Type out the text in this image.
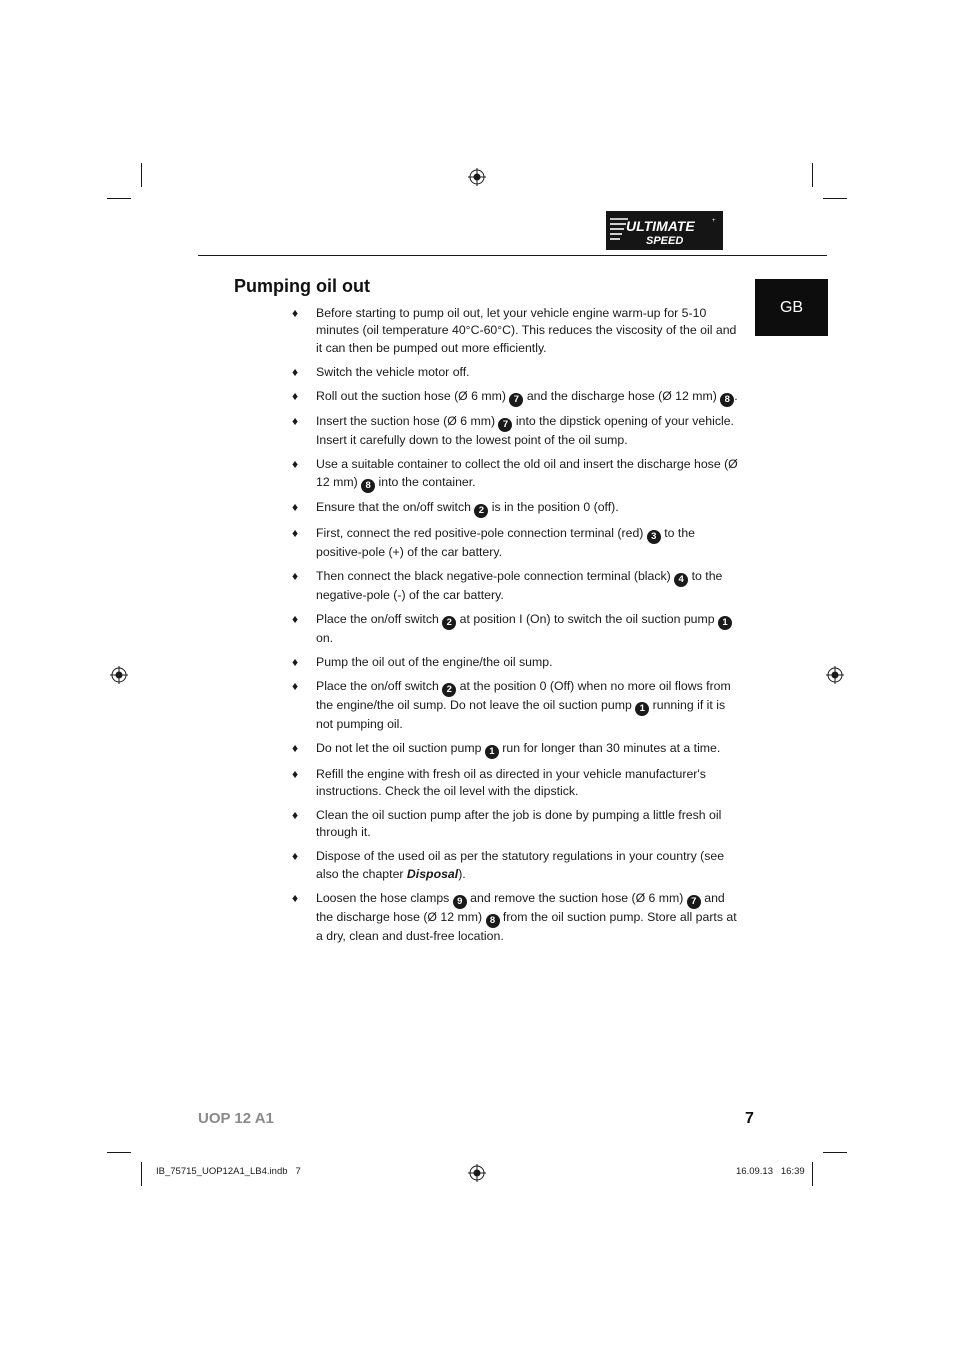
ULTIMATE
SPEED
+
GB
Pumping oil out
♦ Before starting to pump oil out, let your vehicle engine warm-up for 5-10 minutes (oil temperature 40°C-60°C). This reduces the viscosity of the oil and it can then be pumped out more efficiently.
♦ Switch the vehicle motor off.
♦ Roll out the suction hose (Ø 6 mm) 7 and the discharge hose (Ø 12 mm) 8 .
♦ Insert the suction hose (Ø 6 mm) 7 into the dipstick opening of your vehicle. Insert it carefully down to the lowest point of the oil sump.
♦ Use a suitable container to collect the old oil and insert the discharge hose (Ø 12 mm) 8 into the container.
♦ Ensure that the on/off switch 2 is in the position 0 (off).
♦ First, connect the red positive-pole connection terminal (red) 3 to the positive-pole (+) of the car battery.
♦ Then connect the black negative-pole connection terminal (black) 4 to the negative-pole (-) of the car battery.
♦ Place the on/off switch 2 at position I (On) to switch the oil suction pump 1 on.
♦ Pump the oil out of the engine/the oil sump.
♦ Place the on/off switch 2 at the position 0 (Off) when no more oil flows from the engine/the oil sump. Do not leave the oil suction pump 1 running if it is not pumping oil.
♦ Do not let the oil suction pump 1 run for longer than 30 minutes at a time.
♦ Refill the engine with fresh oil as directed in your vehicle manufacturer's instructions. Check the oil level with the dipstick.
♦ Clean the oil suction pump after the job is done by pumping a little fresh oil through it.
♦ Dispose of the used oil as per the statutory regulations in your country (see also the chapter Disposal).
♦ Loosen the hose clamps 9 and remove the suction hose (Ø 6 mm) 7 and the discharge hose (Ø 12 mm) 8 from the oil suction pump. Store all parts at a dry, clean and dust-free location.
UOP 12 A1	7
IB_75715_UOP12A1_LB4.indb   7	16.09.13   16:39
